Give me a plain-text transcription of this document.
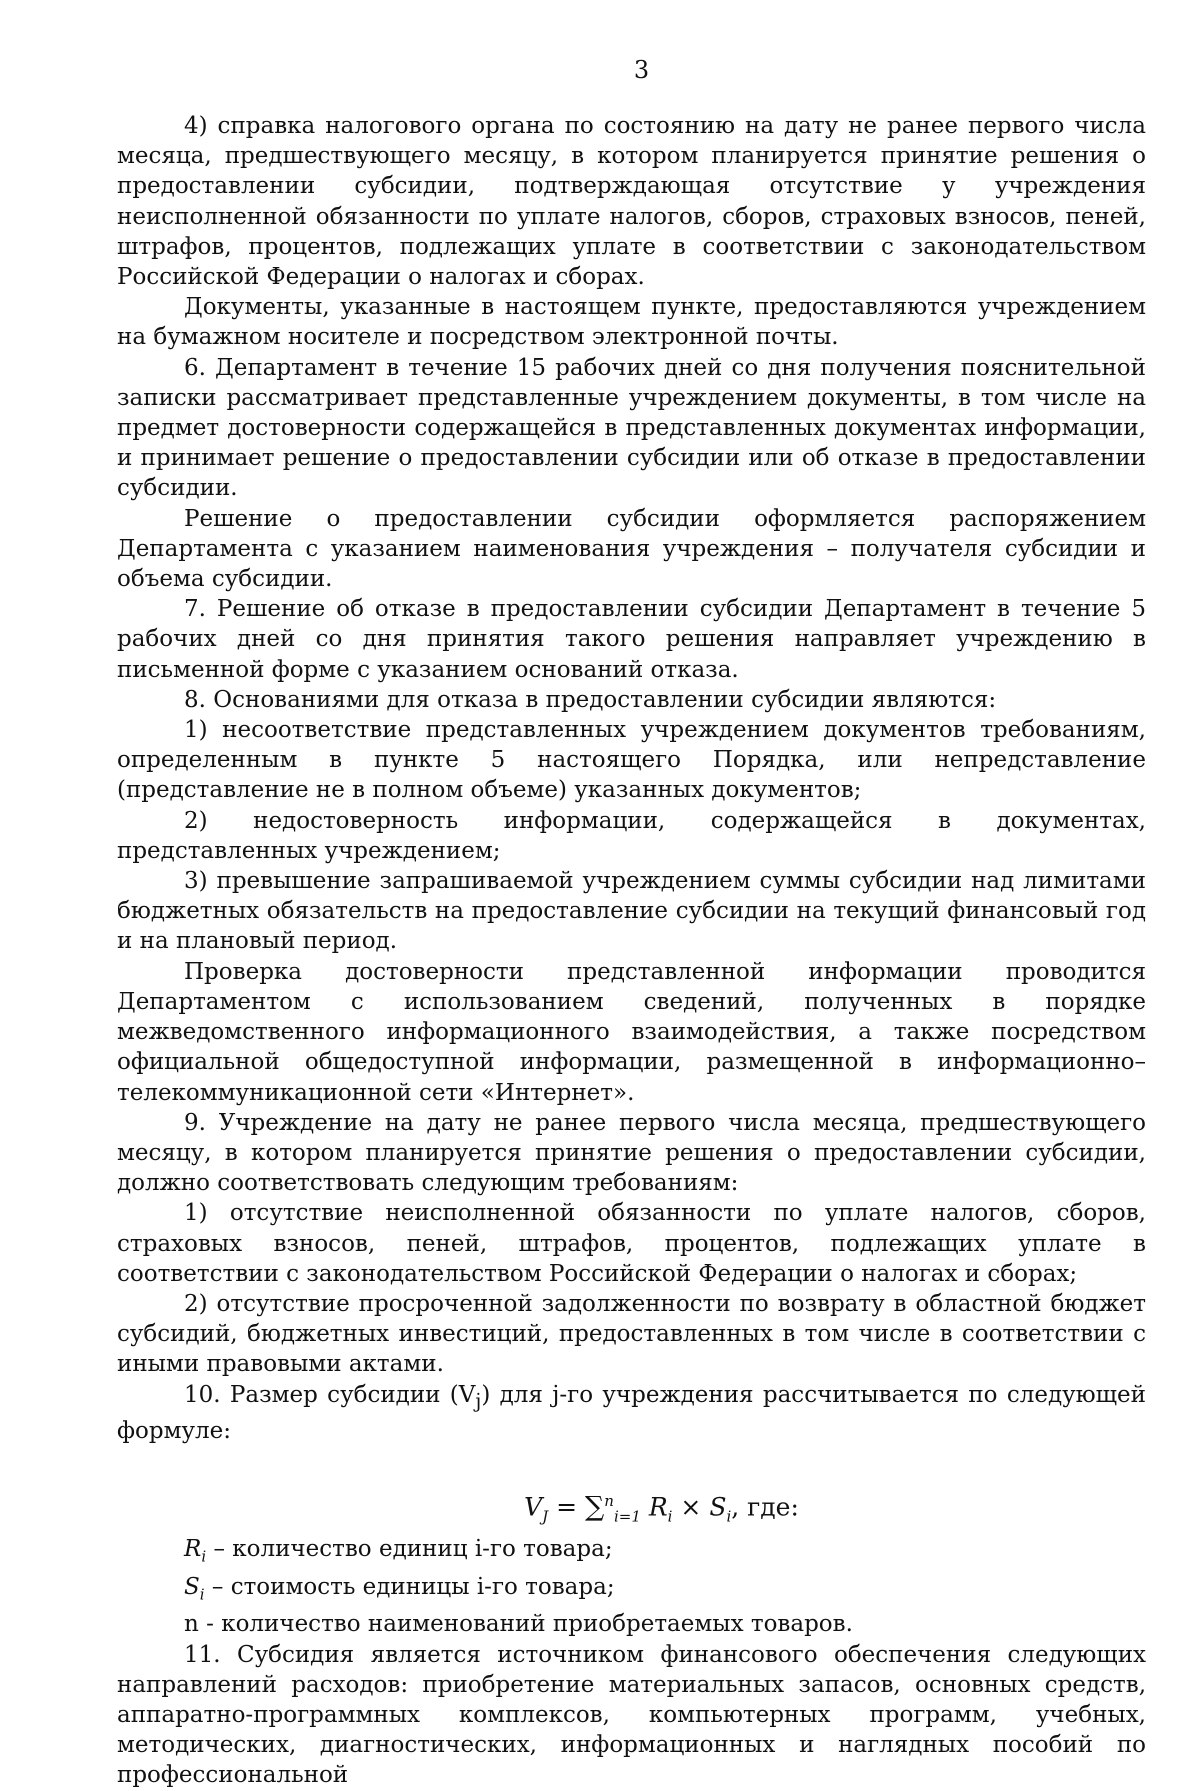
3

4) справка налогового органа по состоянию на дату не ранее первого числа месяца, предшествующего месяцу, в котором планируется принятие решения о предоставлении субсидии, подтверждающая отсутствие у учреждения неисполненной обязанности по уплате налогов, сборов, страховых взносов, пеней, штрафов, процентов, подлежащих уплате в соответствии с законодательством Российской Федерации о налогах и сборах.

Документы, указанные в настоящем пункте, предоставляются учреждением на бумажном носителе и посредством электронной почты.

6. Департамент в течение 15 рабочих дней со дня получения пояснительной записки рассматривает представленные учреждением документы, в том числе на предмет достоверности содержащейся в представленных документах информации, и принимает решение о предоставлении субсидии или об отказе в предоставлении субсидии.

Решение о предоставлении субсидии оформляется распоряжением Департамента с указанием наименования учреждения – получателя субсидии и объема субсидии.

7. Решение об отказе в предоставлении субсидии Департамент в течение 5 рабочих дней со дня принятия такого решения направляет учреждению в письменной форме с указанием оснований отказа.

8. Основаниями для отказа в предоставлении субсидии являются:

1) несоответствие представленных учреждением документов требованиям, определенным в пункте 5 настоящего Порядка, или непредставление (представление не в полном объеме) указанных документов;

2) недостоверность информации, содержащейся в документах, представленных учреждением;

3) превышение запрашиваемой учреждением суммы субсидии над лимитами бюджетных обязательств на предоставление субсидии на текущий финансовый год и на плановый период.

Проверка достоверности представленной информации проводится Департаментом с использованием сведений, полученных в порядке межведомственного информационного взаимодействия, а также посредством официальной общедоступной информации, размещенной в информационно–телекоммуникационной сети «Интернет».

9. Учреждение на дату не ранее первого числа месяца, предшествующего месяцу, в котором планируется принятие решения о предоставлении субсидии, должно соответствовать следующим требованиям:

1) отсутствие неисполненной обязанности по уплате налогов, сборов, страховых взносов, пеней, штрафов, процентов, подлежащих уплате в соответствии с законодательством Российской Федерации о налогах и сборах;

2) отсутствие просроченной задолженности по возврату в областной бюджет субсидий, бюджетных инвестиций, предоставленных в том числе в соответствии с иными правовыми актами.

10. Размер субсидии $(V_j)$ для j-го учреждения рассчитывается по следующей формуле:

$V_J = \sum^n_{i=1}$ $R_i \times S_i$, где:

$R_i$ – количество единиц i-го товара;

$S_i$ – стоимость единицы i-го товара;

n - количество наименований приобретаемых товаров.

11. Субсидия является источником финансового обеспечения следующих направлений расходов: приобретение материальных запасов, основных средств, аппаратно-программных комплексов, компьютерных программ, учебных, методических, диагностических, информационных и наглядных пособий по профессиональной
